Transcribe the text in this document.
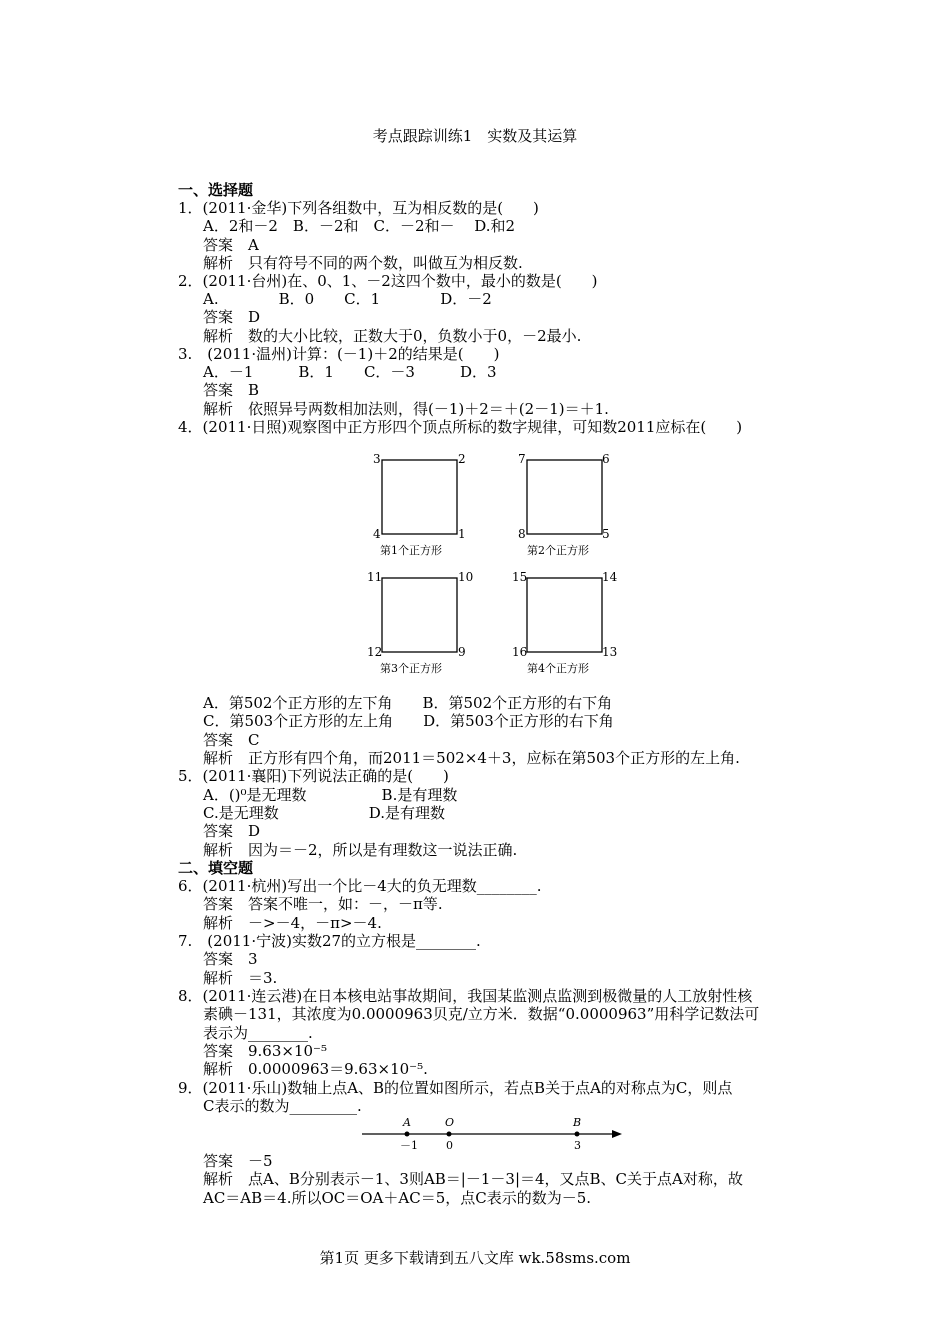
考点跟踪训练1　实数及其运算
一、选择题
1．(2011·金华)下列各组数中，互为相反数的是(　　)
A．2和－2　B．－2和　C．－2和－　 D.和2
答案　A
解析　只有符号不同的两个数，叫做互为相反数.
2．(2011·台州)在、0、1、－2这四个数中，最小的数是(　　)
A.　　　　B．0　　C．1　　　　D．－2
答案　D
解析　数的大小比较，正数大于0，负数小于0，－2最小.
3.　(2011·温州)计算：(－1)＋2的结果是(　　)
A．－1　　　B．1　　C．－3　　　D．3
答案　B
解析　依照异号两数相加法则，得(－1)＋2＝＋(2－1)＝＋1.
4．(2011·日照)观察图中正方形四个顶点所标的数字规律，可知数2011应标在(　　)
3	2
4	1
第1个正方形
7	6
8	5
第2个正方形
11	10
12	9
第3个正方形
15	14
16	13
第4个正方形
A．第502个正方形的左下角　　B．第502个正方形的右下角
C．第503个正方形的左上角　　D．第503个正方形的右下角
答案　C
解析　正方形有四个角，而2011＝502×4＋3，应标在第503个正方形的左上角.
5．(2011·襄阳)下列说法正确的是(　　)
A．()⁰是无理数　　　　　B.是有理数
C.是无理数　　　　　　D.是有理数
答案　D
解析　因为＝－2，所以是有理数这一说法正确.
二、填空题
6．(2011·杭州)写出一个比－4大的负无理数________.
答案　答案不唯一，如：－，－π等.
解析　－>－4，－π>－4.
7.　(2011·宁波)实数27的立方根是________.
答案　3
解析　＝3.
8．(2011·连云港)在日本核电站事故期间，我国某监测点监测到极微量的人工放射性核
素碘－131，其浓度为0.0000963贝克/立方米．数据“0.0000963”用科学记数法可
表示为________.
答案　9.63×10⁻⁵
解析　0.0000963＝9.63×10⁻⁵.
9．(2011·乐山)数轴上点A、B的位置如图所示，若点B关于点A的对称点为C，则点
C表示的数为_________.
A	O	B
－1	0	3
答案　－5
解析　点A、B分别表示－1、3则AB＝|－1－3|＝4，又点B、C关于点A对称，故
AC＝AB＝4.所以OC＝OA＋AC＝5，点C表示的数为－5.
第1页 更多下载请到五八文库 wk.58sms.com
